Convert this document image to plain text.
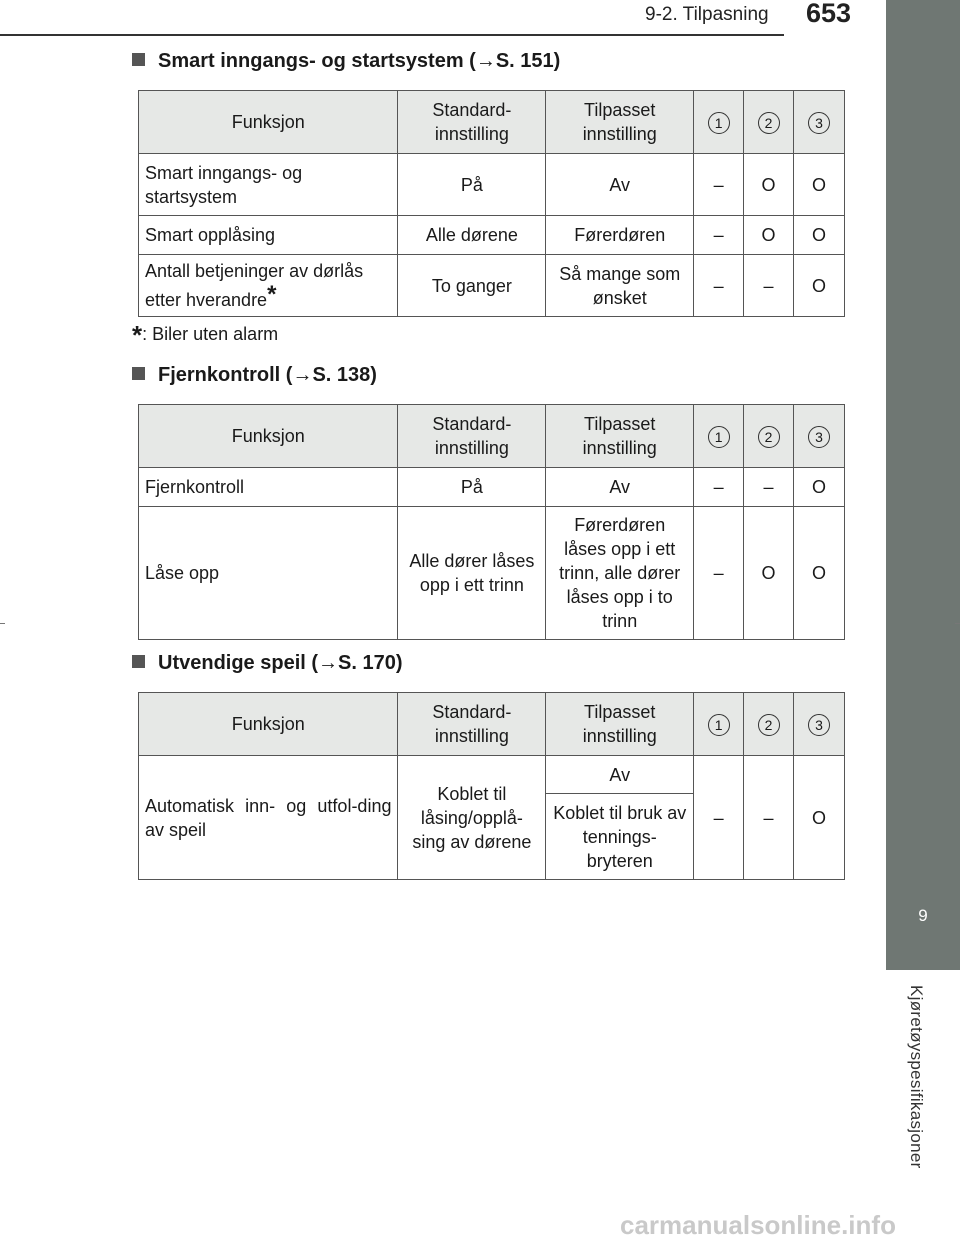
9-2. Tilpasning 653
9
Kjøretøyspesifikasjoner
Smart inngangs- og startsystem (→S. 151)
Funksjon	Standard-innstilling	Tilpasset innstilling	1	2	3
Smart inngangs- og startsystem	På	Av	–	O	O
Smart opplåsing	Alle dørene	Førerdøren	–	O	O
Antall betjeninger av dørlås etter hverandre*	To ganger	Så mange som ønsket	–	–	O
*: Biler uten alarm
Fjernkontroll (→S. 138)
Funksjon	Standard-innstilling	Tilpasset innstilling	1	2	3
Fjernkontroll	På	Av	–	–	O
Låse opp	Alle dører låses opp i ett trinn	Førerdøren låses opp i ett trinn, alle dører låses opp i to trinn	–	O	O
Utvendige speil (→S. 170)
Funksjon	Standard-innstilling	Tilpasset innstilling	1	2	3
Automatisk inn- og utfol-ding av speil	Koblet til låsing/opplå-sing av dørene	Av	–	–	O
		Koblet til bruk av tennings-bryteren			
carmanualsonline.info
